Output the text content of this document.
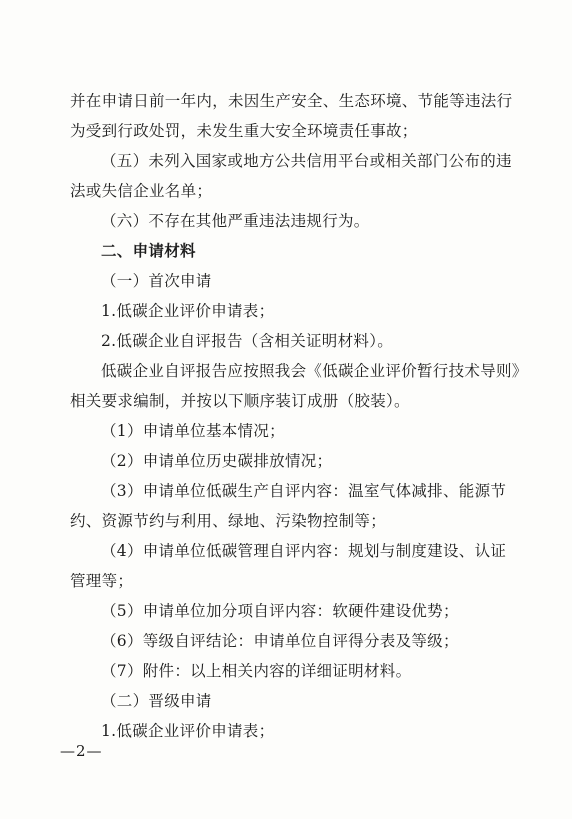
并在申请日前一年内，未因生产安全、生态环境、节能等违法行

为受到行政处罚，未发生重大安全环境责任事故；

（五）未列入国家或地方公共信用平台或相关部门公布的违

法或失信企业名单；

（六）不存在其他严重违法违规行为。

二、申请材料

（一）首次申请

1.低碳企业评价申请表；

2.低碳企业自评报告（含相关证明材料）。

低碳企业自评报告应按照我会《低碳企业评价暂行技术导则》

相关要求编制，并按以下顺序装订成册（胶装）。

（1）申请单位基本情况；

（2）申请单位历史碳排放情况；

（3）申请单位低碳生产自评内容：温室气体减排、能源节

约、资源节约与利用、绿地、污染物控制等；

（4）申请单位低碳管理自评内容：规划与制度建设、认证

管理等；

（5）申请单位加分项自评内容：软硬件建设优势；

（6）等级自评结论：申请单位自评得分表及等级；

（7）附件：以上相关内容的详细证明材料。

（二）晋级申请

1.低碳企业评价申请表；

—2—
